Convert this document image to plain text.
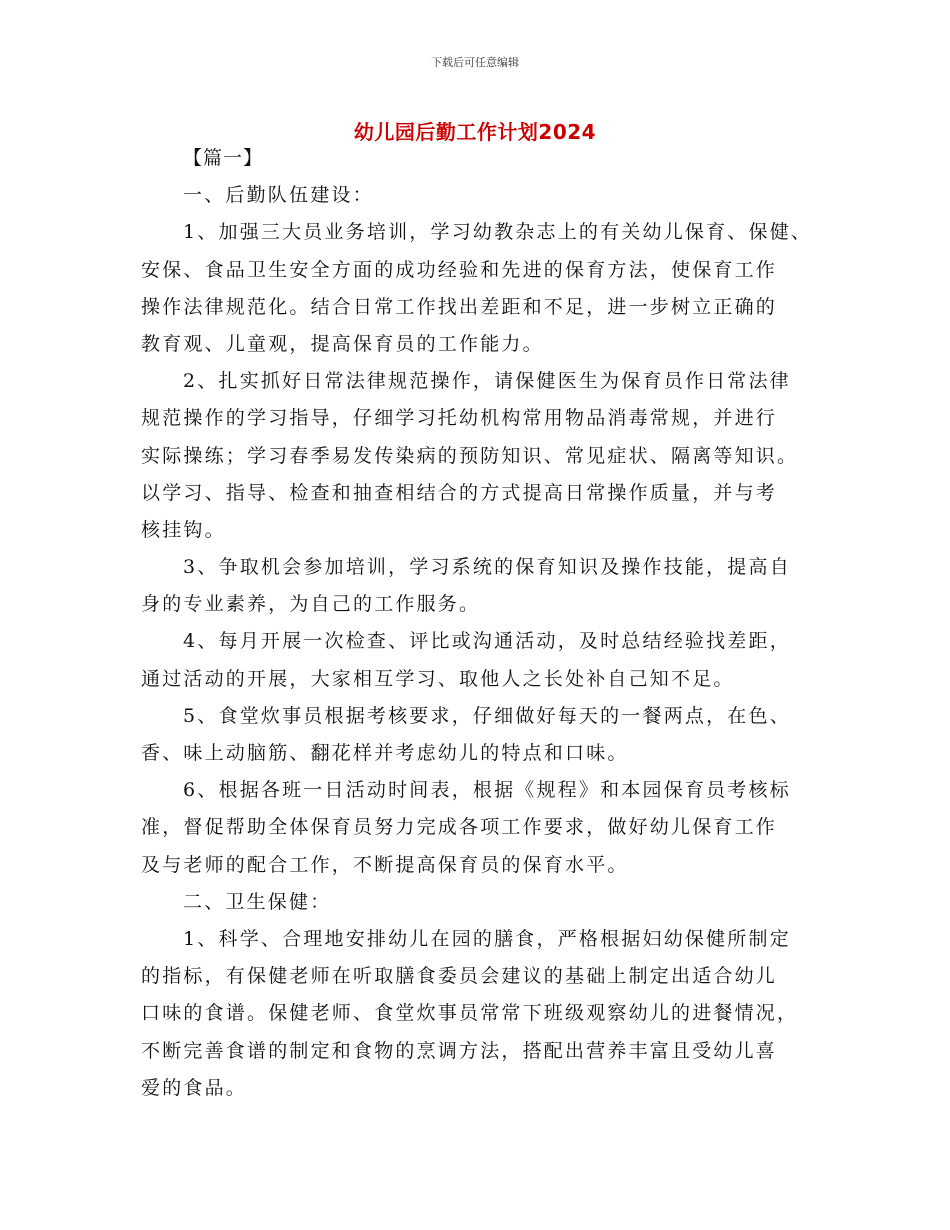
下载后可任意编辑
幼儿园后勤工作计划2024
【篇一】
一、后勤队伍建设：
1、加强三大员业务培训，学习幼教杂志上的有关幼儿保育、保健、
安保、食品卫生安全方面的成功经验和先进的保育方法，使保育工作
操作法律规范化。结合日常工作找出差距和不足，进一步树立正确的
教育观、儿童观，提高保育员的工作能力。
2、扎实抓好日常法律规范操作，请保健医生为保育员作日常法律
规范操作的学习指导，仔细学习托幼机构常用物品消毒常规，并进行
实际操练；学习春季易发传染病的预防知识、常见症状、隔离等知识。
以学习、指导、检查和抽查相结合的方式提高日常操作质量，并与考
核挂钩。
3、争取机会参加培训，学习系统的保育知识及操作技能，提高自
身的专业素养，为自己的工作服务。
4、每月开展一次检查、评比或沟通活动，及时总结经验找差距，
通过活动的开展，大家相互学习、取他人之长处补自己知不足。
5、食堂炊事员根据考核要求，仔细做好每天的一餐两点，在色、
香、味上动脑筋、翻花样并考虑幼儿的特点和口味。
6、根据各班一日活动时间表，根据《规程》和本园保育员考核标
准，督促帮助全体保育员努力完成各项工作要求，做好幼儿保育工作
及与老师的配合工作，不断提高保育员的保育水平。
二、卫生保健：
1、科学、合理地安排幼儿在园的膳食，严格根据妇幼保健所制定
的指标，有保健老师在听取膳食委员会建议的基础上制定出适合幼儿
口味的食谱。保健老师、食堂炊事员常常下班级观察幼儿的进餐情况，
不断完善食谱的制定和食物的烹调方法，搭配出营养丰富且受幼儿喜
爱的食品。
